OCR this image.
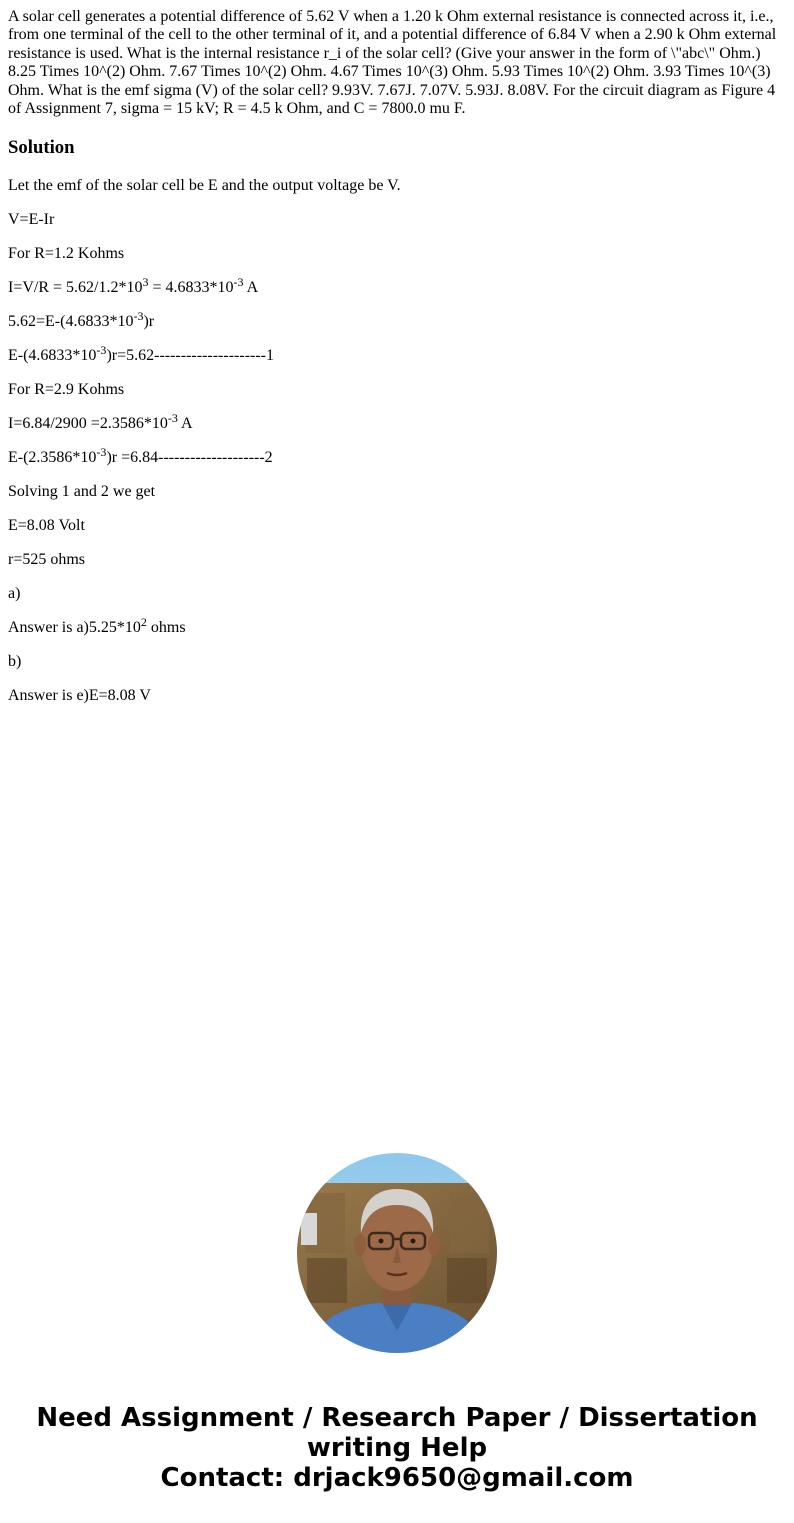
A solar cell generates a potential difference of 5.62 V when a 1.20 k Ohm external resistance is connected across it, i.e., from one terminal of the cell to the other terminal of it, and a potential difference of 6.84 V when a 2.90 k Ohm external resistance is used. What is the internal resistance r_i of the solar cell? (Give your answer in the form of \"abc\" Ohm.) 8.25 Times 10^(2) Ohm. 7.67 Times 10^(2) Ohm. 4.67 Times 10^(3) Ohm. 5.93 Times 10^(2) Ohm. 3.93 Times 10^(3) Ohm. What is the emf sigma (V) of the solar cell? 9.93V. 7.67J. 7.07V. 5.93J. 8.08V. For the circuit diagram as Figure 4 of Assignment 7, sigma = 15 kV; R = 4.5 k Ohm, and C = 7800.0 mu F.

Solution

Let the emf of the solar cell be E and the output voltage be V.

V=E-Ir

For R=1.2 Kohms

$I=V/R = 5.62/1.2*10^3 = 4.6833*10^{-3}$ A

$5.62=E-(4.6833*10^{-3})r$

$E-(4.6833*10^{-3})r=5.62---------------------1$

For R=2.9 Kohms

$I=6.84/2900 =2.3586*10^{-3}$ A

$E-(2.3586*10^{-3})r =6.84--------------------2$

Solving 1 and 2 we get

E=8.08 Volt

r=525 ohms

a)

Answer is $a)5.25*10^2$ ohms

b)

Answer is e)E=8.08 V

Need Assignment / Research Paper / Dissertation
writing Help
Contact: drjack9650@gmail.com
